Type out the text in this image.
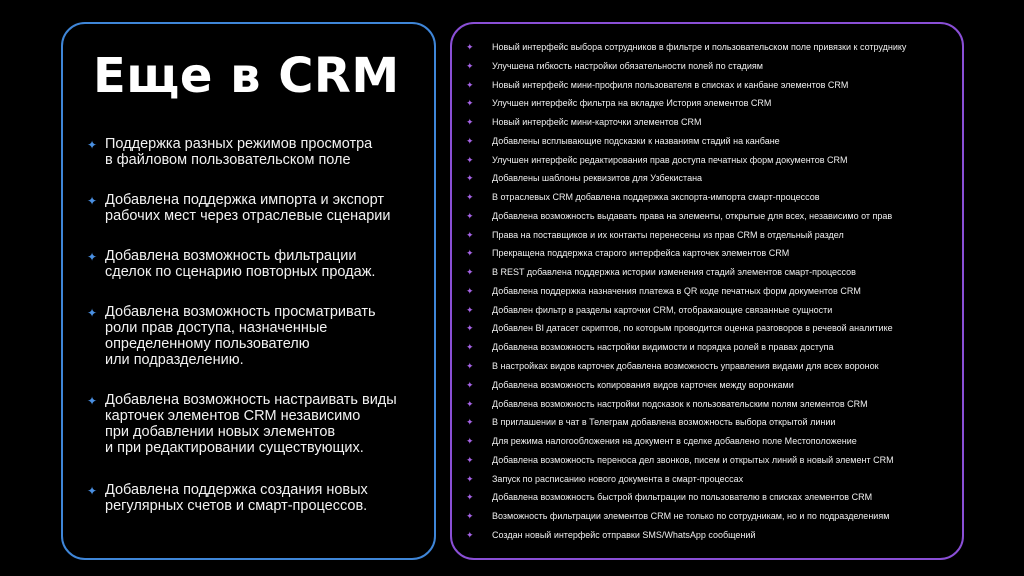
Еще в CRM
✦ Поддержка разных режимов просмотра
в файловом пользовательском поле
✦ Добавлена поддержка импорта и экспорт
рабочих мест через отраслевые сценарии
✦ Добавлена возможность фильтрации
сделок по сценарию повторных продаж.
✦ Добавлена возможность просматривать
роли прав доступа, назначенные
определенному пользователю
или подразделению.
✦ Добавлена возможность настраивать виды
карточек элементов CRM независимо
при добавлении новых элементов
и при редактировании существующих.
✦ Добавлена поддержка создания новых
регулярных счетов и смарт-процессов.
✦ Новый интерфейс выбора сотрудников в фильтре и пользовательском поле привязки к сотруднику
✦ Улучшена гибкость настройки обязательности полей по стадиям
✦ Новый интерфейс мини-профиля пользователя в списках и канбане элементов CRM
✦ Улучшен интерфейс фильтра на вкладке История элементов CRM
✦ Новый интерфейс мини-карточки элементов CRM
✦ Добавлены всплывающие подсказки к названиям стадий на канбане
✦ Улучшен интерфейс редактирования прав доступа печатных форм документов CRM
✦ Добавлены шаблоны реквизитов для Узбекистана
✦ В отраслевых CRM добавлена поддержка экспорта-импорта смарт-процессов
✦ Добавлена возможность выдавать права на элементы, открытые для всех, независимо от прав
✦ Права на поставщиков и их контакты перенесены из прав CRM в отдельный раздел
✦ Прекращена поддержка старого интерфейса карточек элементов CRM
✦ В REST добавлена поддержка истории изменения стадий элементов смарт-процессов
✦ Добавлена поддержка назначения платежа в QR коде печатных форм документов CRM
✦ Добавлен фильтр в разделы карточки CRM, отображающие связанные сущности
✦ Добавлен BI датасет скриптов, по которым проводится оценка разговоров в речевой аналитике
✦ Добавлена возможность настройки видимости и порядка ролей в правах доступа
✦ В настройках видов карточек добавлена возможность управления видами для всех воронок
✦ Добавлена возможность копирования видов карточек между воронками
✦ Добавлена возможность настройки подсказок к пользовательским полям элементов CRM
✦ В приглашении в чат в Телеграм добавлена возможность выбора открытой линии
✦ Для режима налогообложения на документ в сделке добавлено поле Местоположение
✦ Добавлена возможность переноса дел звонков, писем и открытых линий в новый элемент CRM
✦ Запуск по расписанию нового документа в смарт-процессах
✦ Добавлена возможность быстрой фильтрации по пользователю в списках элементов CRM
✦ Возможность фильтрации элементов CRM не только по сотрудникам, но и по подразделениям
✦ Создан новый интерфейс отправки SMS/WhatsApp сообщений
